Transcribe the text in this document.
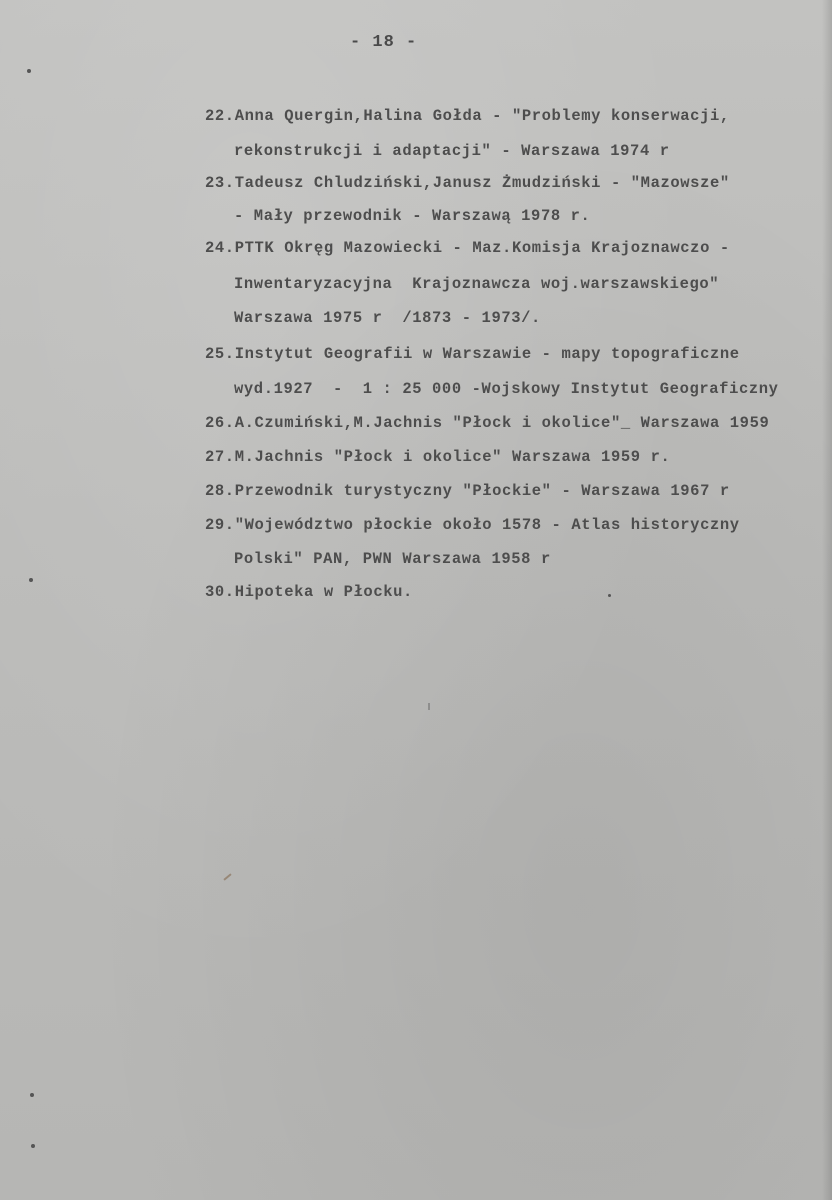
- 18 -
22.Anna Quergin,Halina Gołda - "Problemy konserwacji,
rekonstrukcji i adaptacji" - Warszawa 1974 r
23.Tadeusz Chludziński,Janusz Żmudziński - "Mazowsze"
- Mały przewodnik - Warszawą 1978 r.
24.PTTK Okręg Mazowiecki - Maz.Komisja Krajoznawczo -
Inwentaryzacyjna  Krajoznawcza woj.warszawskiego"
Warszawa 1975 r  /1873 - 1973/.
25.Instytut Geografii w Warszawie - mapy topograficzne
wyd.1927  -  1 : 25 000 -Wojskowy Instytut Geograficzny
26.A.Czumiński,M.Jachnis "Płock i okolice"_ Warszawa 1959
27.M.Jachnis "Płock i okolice" Warszawa 1959 r.
28.Przewodnik turystyczny "Płockie" - Warszawa 1967 r
29."Województwo płockie około 1578 - Atlas historyczny
Polski" PAN, PWN Warszawa 1958 r
30.Hipoteka w Płocku.
